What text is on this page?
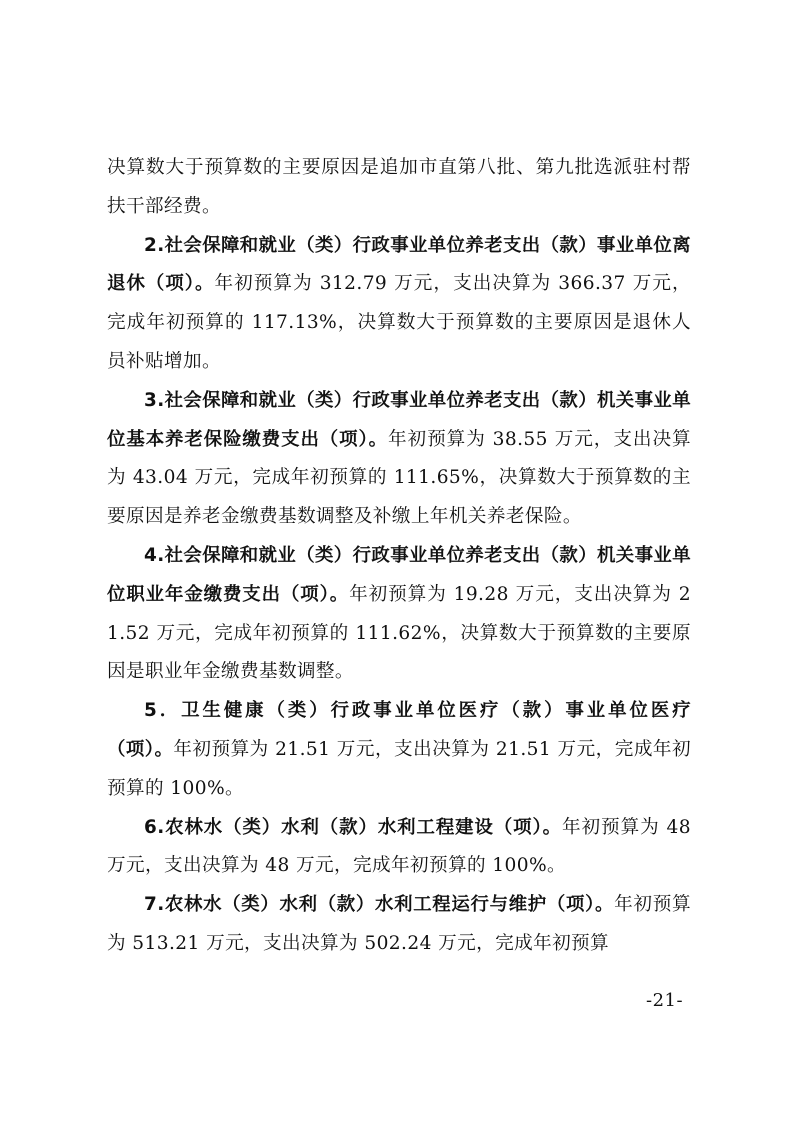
决算数大于预算数的主要原因是追加市直第八批、第九批选派驻村帮扶干部经费。

2.社会保障和就业（类）行政事业单位养老支出（款）事业单位离退休（项）。年初预算为 312.79 万元，支出决算为 366.37 万元，完成年初预算的 117.13%，决算数大于预算数的主要原因是退休人员补贴增加。

3.社会保障和就业（类）行政事业单位养老支出（款）机关事业单位基本养老保险缴费支出（项）。年初预算为 38.55 万元，支出决算为 43.04 万元，完成年初预算的 111.65%，决算数大于预算数的主要原因是养老金缴费基数调整及补缴上年机关养老保险。

4.社会保障和就业（类）行政事业单位养老支出（款）机关事业单位职业年金缴费支出（项）。年初预算为 19.28 万元，支出决算为 21.52 万元，完成年初预算的 111.62%，决算数大于预算数的主要原因是职业年金缴费基数调整。

5．卫生健康（类）行政事业单位医疗（款）事业单位医疗（项）。年初预算为 21.51 万元，支出决算为 21.51 万元，完成年初预算的 100%。

6.农林水（类）水利（款）水利工程建设（项）。年初预算为 48 万元，支出决算为 48 万元，完成年初预算的 100%。

7.农林水（类）水利（款）水利工程运行与维护（项）。年初预算为 513.21 万元，支出决算为 502.24 万元，完成年初预算

-21-
